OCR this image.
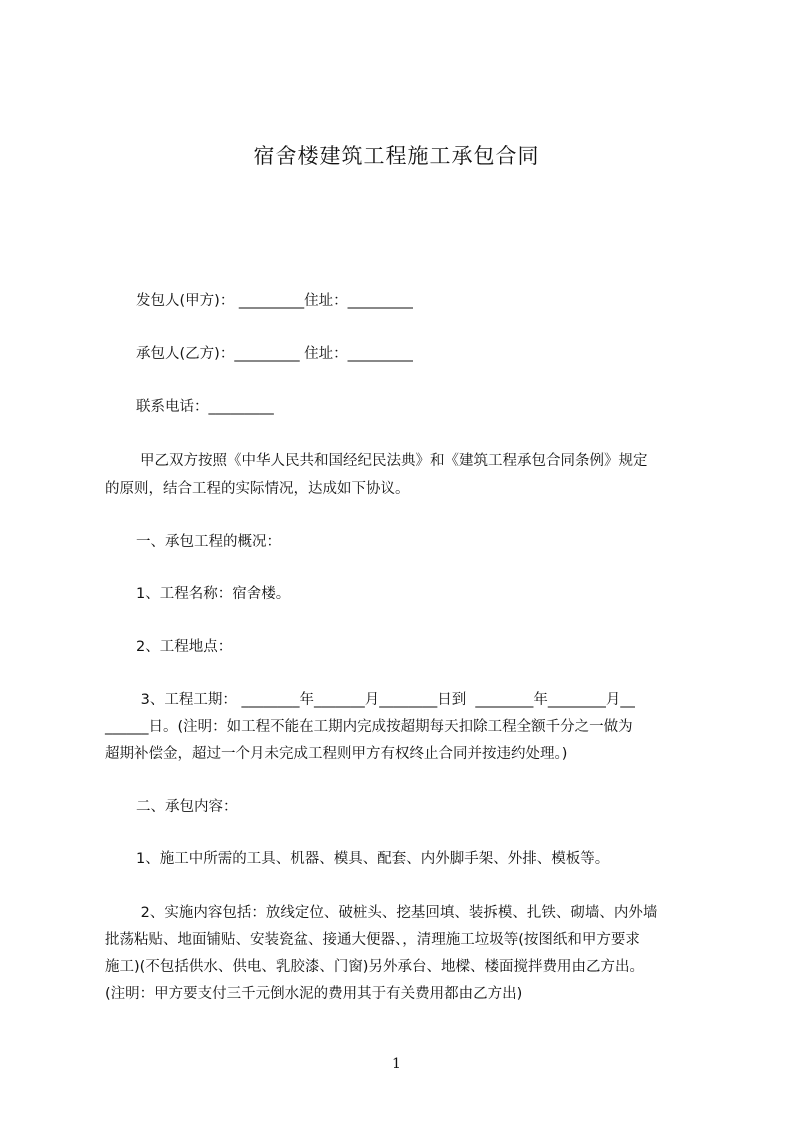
宿舍楼建筑工程施工承包合同
发包人(甲方)： _________住址：_________
承包人(乙方)：_________ 住址：_________
联系电话：_________
甲乙双方按照《中华人民共和国经纪民法典》和《建筑工程承包合同条例》规定
的原则，结合工程的实际情况，达成如下协议。
一、承包工程的概况：
1、工程名称：宿舍楼。
2、工程地点：
3、工程工期： ________年_______月________日到  ________年________月__
______日。(注明：如工程不能在工期内完成按超期每天扣除工程全额千分之一做为
超期补偿金，超过一个月未完成工程则甲方有权终止合同并按违约处理。)
二、承包内容：
1、施工中所需的工具、机器、模具、配套、内外脚手架、外排、模板等。
2、实施内容包括：放线定位、破桩头、挖基回填、装拆模、扎铁、砌墙、内外墙
批荡粘贴、地面铺贴、安装瓷盆、接通大便器、，清理施工垃圾等(按图纸和甲方要求
施工)(不包括供水、供电、乳胶漆、门窗)另外承台、地樑、楼面搅拌费用由乙方出。
(注明：甲方要支付三千元倒水泥的费用其于有关费用都由乙方出)
1
